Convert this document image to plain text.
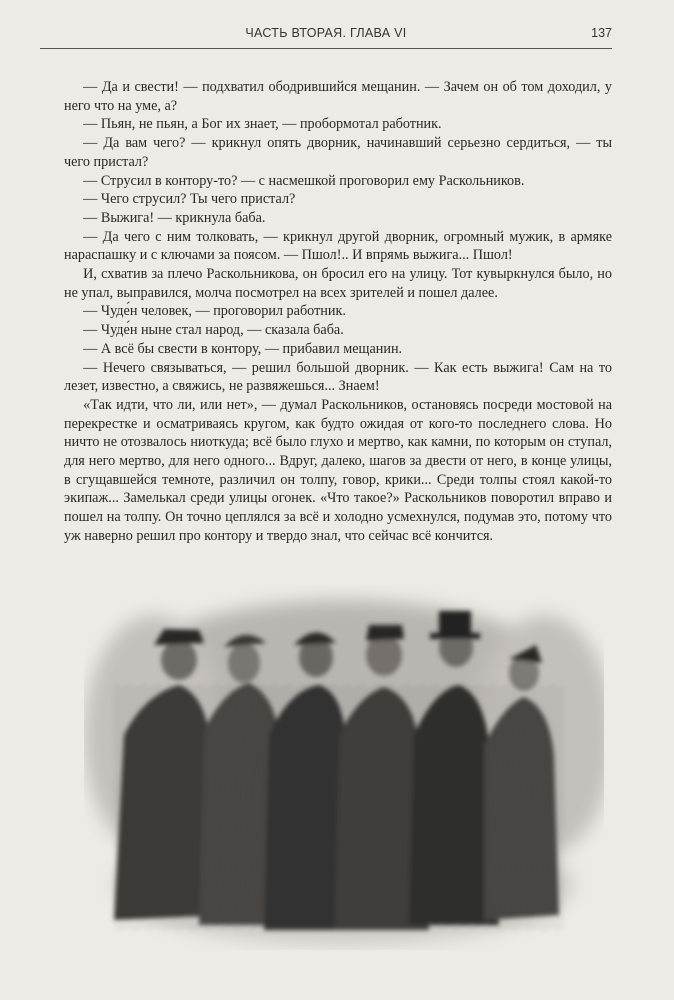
ЧАСТЬ ВТОРАЯ. ГЛАВА VI	137

— Да и свести! — подхватил ободрившийся мещанин. — Зачем он об том доходил, у него что на уме, а?

— Пьян, не пьян, а Бог их знает, — пробормотал работник.

— Да вам чего? — крикнул опять дворник, начинавший серьезно сердиться, — ты чего пристал?

— Струсил в контору-то? — с насмешкой проговорил ему Раскольников.

— Чего струсил? Ты чего пристал?

— Выжига! — крикнула баба.

— Да чего с ним толковать, — крикнул другой дворник, огромный мужик, в армяке нараспашку и с ключами за поясом. — Пшол!.. И впрямь выжига... Пшол!

И, схватив за плечо Раскольникова, он бросил его на улицу. Тот кувыркнулся было, но не упал, выправился, молча посмотрел на всех зрителей и пошел далее.

— Чуде́н человек, — проговорил работник.

— Чуде́н ныне стал народ, — сказала баба.

— А всё бы свести в контору, — прибавил мещанин.

— Нечего связываться, — решил большой дворник. — Как есть выжига! Сам на то лезет, известно, а свяжись, не развяжешься... Знаем!

«Так идти, что ли, или нет», — думал Раскольников, остановясь посреди мостовой на перекрестке и осматриваясь кругом, как будто ожидая от кого-то последнего слова. Но ничто не отозвалось ниоткуда; всё было глухо и мертво, как камни, по которым он ступал, для него мертво, для него одного... Вдруг, далеко, шагов за двести от него, в конце улицы, в сгущавшейся темноте, различил он толпу, говор, крики... Среди толпы стоял какой-то экипаж... Замелькал среди улицы огонек. «Что такое?» Раскольников поворотил вправо и пошел на толпу. Он точно цеплялся за всё и холодно усмехнулся, подумав это, потому что уж наверно решил про контору и твердо знал, что сейчас всё кончится.
